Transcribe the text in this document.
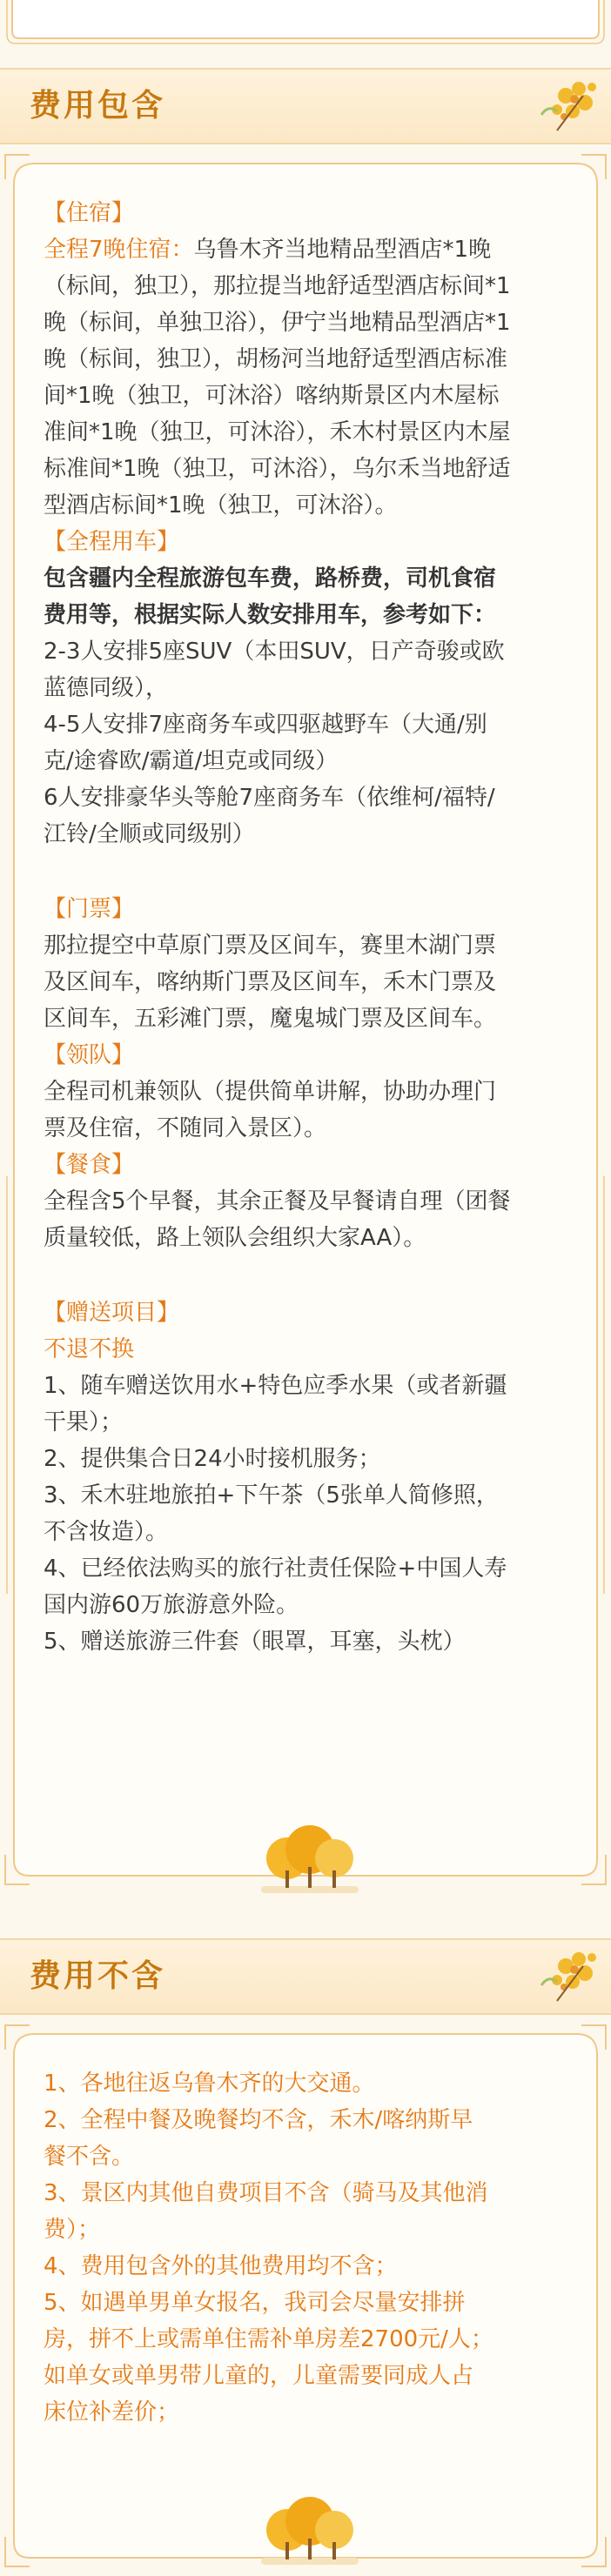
费用包含
【住宿】
全程7晚住宿：乌鲁木齐当地精品型酒店*1晚
（标间，独卫），那拉提当地舒适型酒店标间*1
晚（标间，单独卫浴），伊宁当地精品型酒店*1
晚（标间，独卫），胡杨河当地舒适型酒店标准
间*1晚（独卫，可沐浴）喀纳斯景区内木屋标
准间*1晚（独卫，可沐浴），禾木村景区内木屋
标准间*1晚（独卫，可沐浴），乌尔禾当地舒适
型酒店标间*1晚（独卫，可沐浴）。
【全程用车】
包含疆内全程旅游包车费，路桥费，司机食宿
费用等，根据实际人数安排用车，参考如下：
2-3人安排5座SUV（本田SUV，日产奇骏或欧
蓝德同级），
4-5人安排7座商务车或四驱越野车（大通/别
克/途睿欧/霸道/坦克或同级）
6人安排豪华头等舱7座商务车（依维柯/福特/
江铃/全顺或同级别）
【门票】
那拉提空中草原门票及区间车，赛里木湖门票
及区间车，喀纳斯门票及区间车，禾木门票及
区间车，五彩滩门票，魔鬼城门票及区间车。
【领队】
全程司机兼领队（提供简单讲解，协助办理门
票及住宿，不随同入景区）。
【餐食】
全程含5个早餐，其余正餐及早餐请自理（团餐
质量较低，路上领队会组织大家AA）。
【赠送项目】
不退不换
1、随车赠送饮用水+特色应季水果（或者新疆
干果）；
2、提供集合日24小时接机服务；
3、禾木驻地旅拍+下午茶（5张单人简修照，
不含妆造）。
4、已经依法购买的旅行社责任保险+中国人寿
国内游60万旅游意外险。
5、赠送旅游三件套（眼罩，耳塞，头枕）
费用不含
1、各地往返乌鲁木齐的大交通。
2、全程中餐及晚餐均不含，禾木/喀纳斯早
餐不含。
3、景区内其他自费项目不含（骑马及其他消
费）；
4、费用包含外的其他费用均不含；
5、如遇单男单女报名，我司会尽量安排拼
房，拼不上或需单住需补单房差2700元/人；
如单女或单男带儿童的，儿童需要同成人占
床位补差价；
